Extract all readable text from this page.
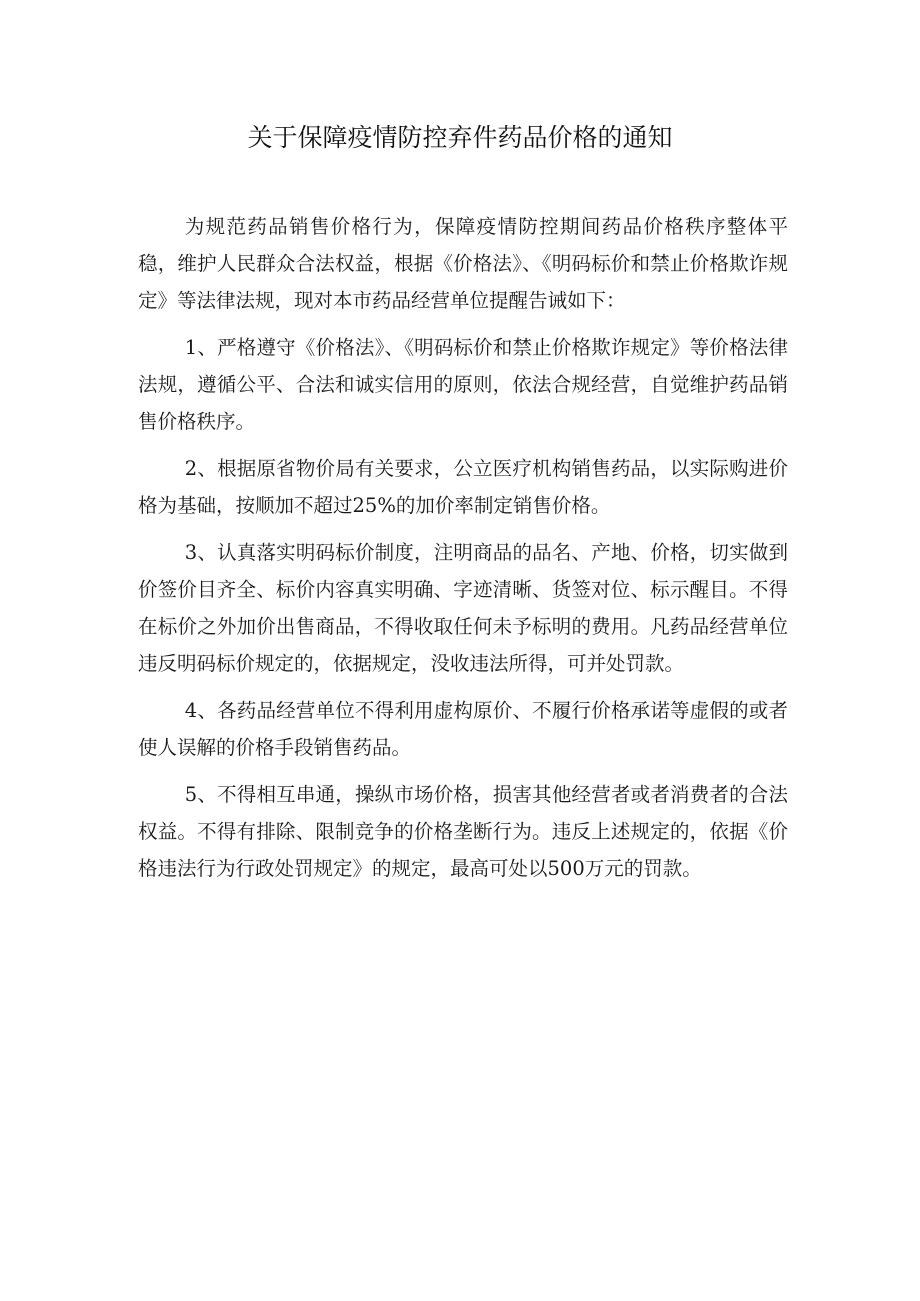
关于保障疫情防控弃件药品价格的通知

为规范药品销售价格行为，保障疫情防控期间药品价格秩序整体平稳，维护人民群众合法权益，根据《价格法》、《明码标价和禁止价格欺诈规定》等法律法规，现对本市药品经营单位提醒告诫如下：

1、严格遵守《价格法》、《明码标价和禁止价格欺诈规定》等价格法律法规，遵循公平、合法和诚实信用的原则，依法合规经营，自觉维护药品销售价格秩序。

2、根据原省物价局有关要求，公立医疗机构销售药品，以实际购进价格为基础，按顺加不超过25%的加价率制定销售价格。

3、认真落实明码标价制度，注明商品的品名、产地、价格，切实做到价签价目齐全、标价内容真实明确、字迹清晰、货签对位、标示醒目。不得在标价之外加价出售商品，不得收取任何未予标明的费用。凡药品经营单位违反明码标价规定的，依据规定，没收违法所得，可并处罚款。

4、各药品经营单位不得利用虚构原价、不履行价格承诺等虚假的或者使人误解的价格手段销售药品。

5、不得相互串通，操纵市场价格，损害其他经营者或者消费者的合法权益。不得有排除、限制竞争的价格垄断行为。违反上述规定的，依据《价格违法行为行政处罚规定》的规定，最高可处以500万元的罚款。
